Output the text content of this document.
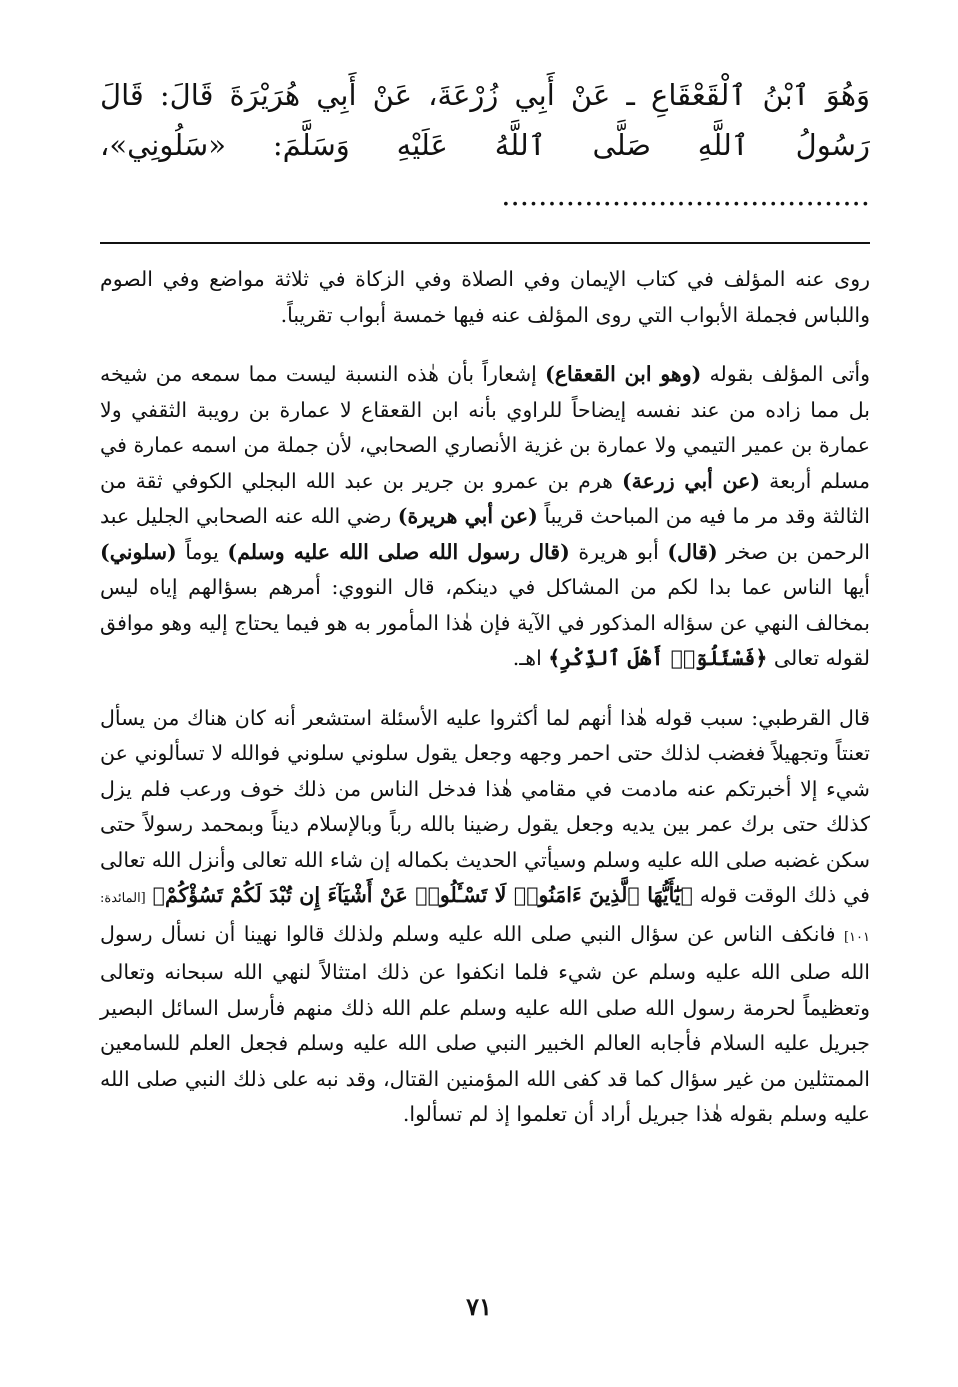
وَهُوَ ٱبْنُ ٱلْقَعْقَاعِ ـ عَنْ أَبِي زُرْعَةَ، عَنْ أَبِي هُرَيْرَةَ قَالَ: قَالَ رَسُولُ ٱللَّهِ صَلَّى ٱللَّهُ عَلَيْهِ وَسَلَّمَ: «سَلُونِي»، ........................................

روى عنه المؤلف في كتاب الإيمان وفي الصلاة وفي الزكاة في ثلاثة مواضع وفي الصوم واللباس فجملة الأبواب التي روى المؤلف عنه فيها خمسة أبواب تقريباً.

وأتى المؤلف بقوله (وهو ابن القعقاع) إشعاراً بأن هٰذه النسبة ليست مما سمعه من شيخه بل مما زاده من عند نفسه إيضاحاً للراوي بأنه ابن القعقاع لا عمارة بن رويبة الثقفي ولا عمارة بن عمير التيمي ولا عمارة بن غزية الأنصاري الصحابي، لأن جملة من اسمه عمارة في مسلم أربعة (عن أبي زرعة) هرم بن عمرو بن جرير بن عبد الله البجلي الكوفي ثقة من الثالثة وقد مر ما فيه من المباحث قريباً (عن أبي هريرة) رضي الله عنه الصحابي الجليل عبد الرحمن بن صخر (قال) أبو هريرة (قال رسول الله صلى الله عليه وسلم) يوماً (سلوني) أيها الناس عما بدا لكم من المشاكل في دينكم، قال النووي: أمرهم بسؤالهم إياه ليس بمخالف النهي عن سؤاله المذكور في الآية فإن هٰذا المأمور به هو فيما يحتاج إليه وهو موافق لقوله تعالى ﴿فَسْئَلُوٓا۟ أَهْلَ ٱلذِّكْرِ﴾ اهـ.

قال القرطبي: سبب قوله هٰذا أنهم لما أكثروا عليه الأسئلة استشعر أنه كان هناك من يسأل تعنتاً وتجهيلاً فغضب لذلك حتى احمر وجهه وجعل يقول سلوني سلوني فوالله لا تسألوني عن شيء إلا أخبرتكم عنه مادمت في مقامي هٰذا فدخل الناس من ذلك خوف ورعب فلم يزل كذلك حتى برك عمر بين يديه وجعل يقول رضينا بالله رباً وبالإسلام ديناً وبمحمد رسولاً حتى سكن غضبه صلى الله عليه وسلم وسيأتي الحديث بكماله إن شاء الله تعالى وأنزل الله تعالى في ذلك الوقت قوله ﴿يَٰٓأَيُّهَا ٱلَّذِينَ ءَامَنُوا۟ لَا تَسْـَٔلُوا۟ عَنْ أَشْيَآءَ إِن تُبْدَ لَكُمْ تَسُؤْكُمْ﴾ [المائدة: ١٠١] فانكف الناس عن سؤال النبي صلى الله عليه وسلم ولذلك قالوا نهينا أن نسأل رسول الله صلى الله عليه وسلم عن شيء فلما انكفوا عن ذلك امتثالاً لنهي الله سبحانه وتعالى وتعظيماً لحرمة رسول الله صلى الله عليه وسلم علم الله ذلك منهم فأرسل السائل البصير جبريل عليه السلام فأجابه العالم الخبير النبي صلى الله عليه وسلم فجعل العلم للسامعين الممتثلين من غير سؤال كما قد كفى الله المؤمنين القتال، وقد نبه على ذلك النبي صلى الله عليه وسلم بقوله هٰذا جبريل أراد أن تعلموا إذ لم تسألوا.

٧١
